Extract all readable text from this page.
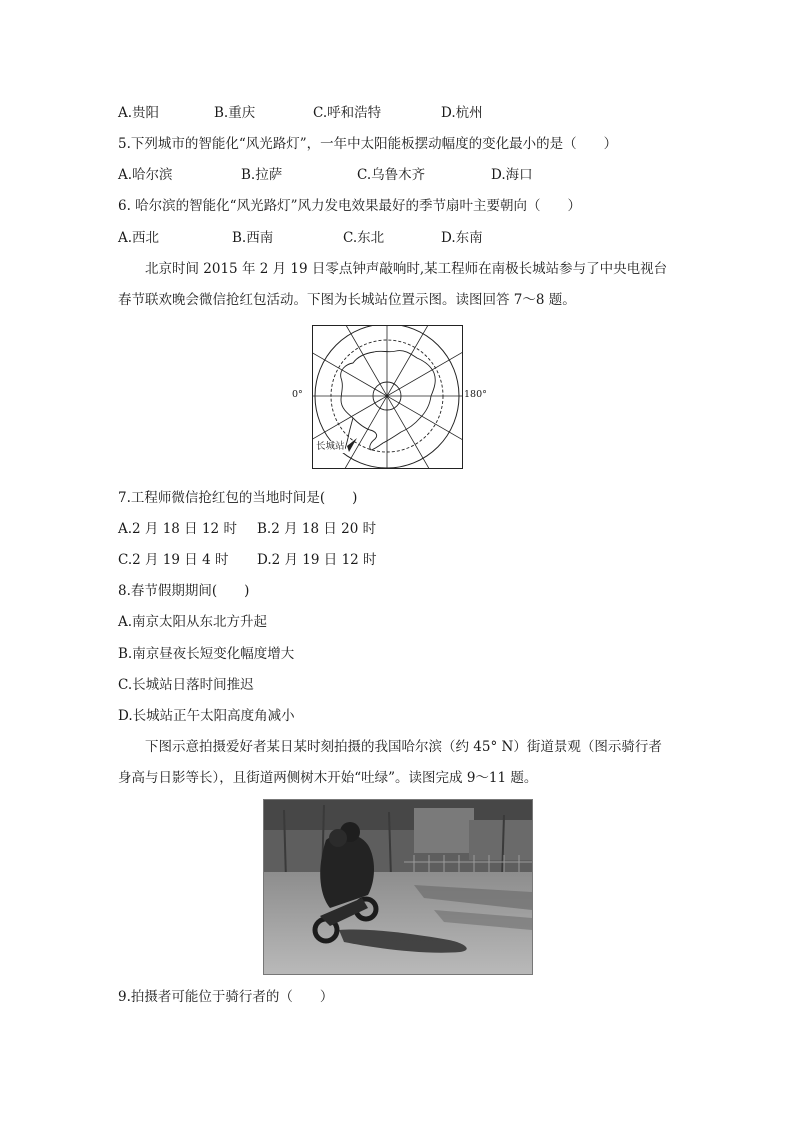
A.贵阳	B.重庆	C.呼和浩特	D.杭州
5.下列城市的智能化“风光路灯”，一年中太阳能板摆动幅度的变化最小的是（　　）
A.哈尔滨	B.拉萨	C.乌鲁木齐	D.海口
6. 哈尔滨的智能化“风光路灯”风力发电效果最好的季节扇叶主要朝向（　　）
A.西北	B.西南	C.东北	D.东南
北京时间 2015 年 2 月 19 日零点钟声敲响时,某工程师在南极长城站参与了中央电视台
春节联欢晚会微信抢红包活动。下图为长城站位置示图。读图回答 7～8 题。
0°	180°
长城站
7.工程师微信抢红包的当地时间是(　　)
A.2 月 18 日 12 时 B.2 月 18 日 20 时
C.2 月 19 日 4 时 D.2 月 19 日 12 时
8.春节假期期间(　　)
A.南京太阳从东北方升起
B.南京昼夜长短变化幅度增大
C.长城站日落时间推迟
D.长城站正午太阳高度角减小
下图示意拍摄爱好者某日某时刻拍摄的我国哈尔滨（约 45° N）街道景观（图示骑行者
身高与日影等长），且街道两侧树木开始“吐绿”。读图完成 9～11 题。
9.拍摄者可能位于骑行者的（　　）
